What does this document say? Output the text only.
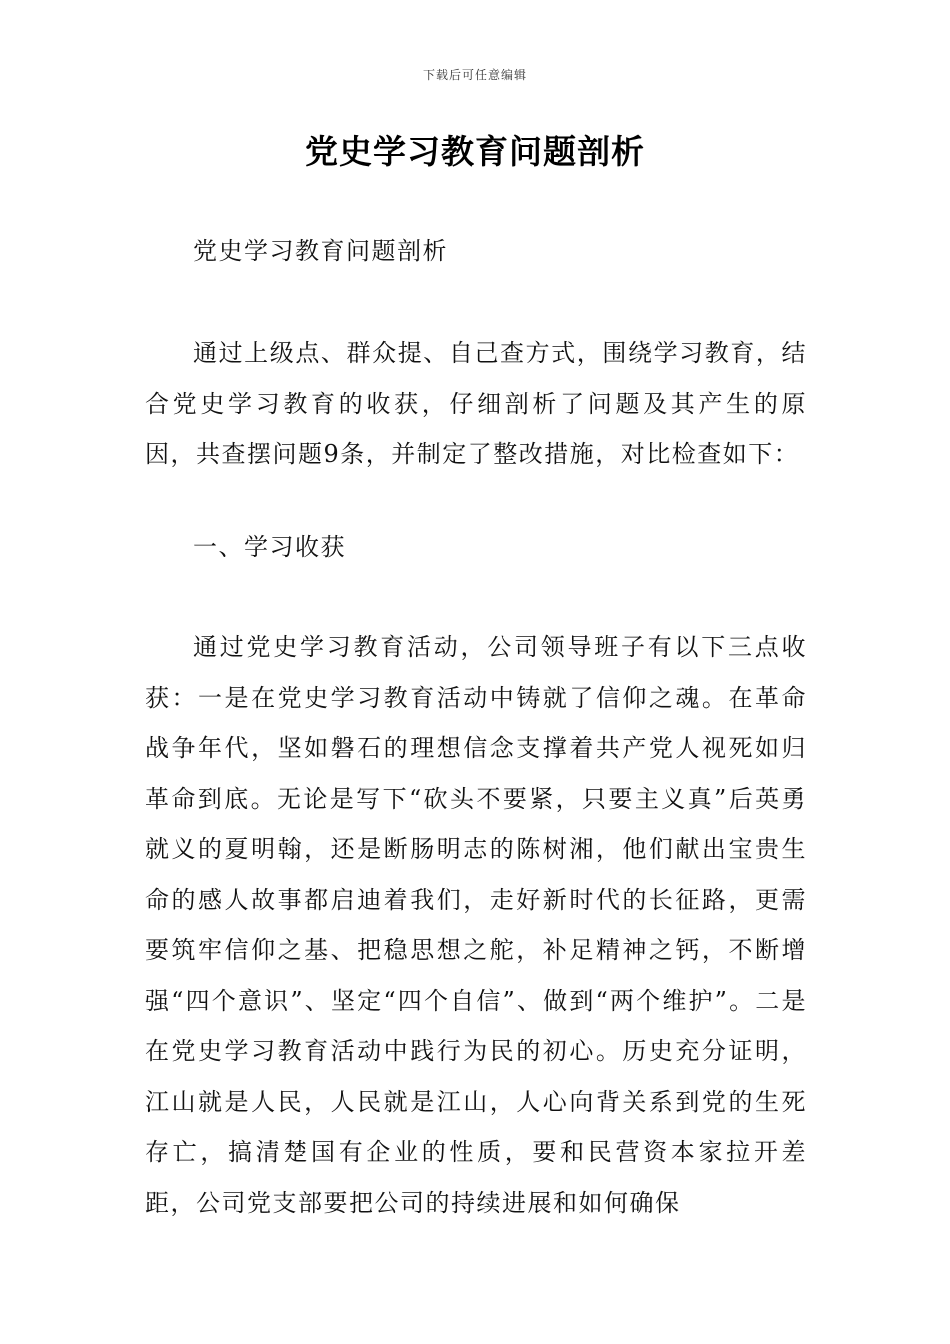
下载后可任意编辑
党史学习教育问题剖析

党史学习教育问题剖析

通过上级点、群众提、自己查方式，围绕学习教育，结合党史学习教育的收获，仔细剖析了问题及其产生的原因，共查摆问题9条，并制定了整改措施，对比检查如下：

一、学习收获

通过党史学习教育活动，公司领导班子有以下三点收获：一是在党史学习教育活动中铸就了信仰之魂。在革命战争年代，坚如磐石的理想信念支撑着共产党人视死如归革命到底。无论是写下“砍头不要紧，只要主义真”后英勇就义的夏明翰，还是断肠明志的陈树湘，他们献出宝贵生命的感人故事都启迪着我们，走好新时代的长征路，更需要筑牢信仰之基、把稳思想之舵，补足精神之钙，不断增强“四个意识”、坚定“四个自信”、做到“两个维护”。二是在党史学习教育活动中践行为民的初心。历史充分证明，江山就是人民，人民就是江山，人心向背关系到党的生死存亡，搞清楚国有企业的性质，要和民营资本家拉开差距，公司党支部要把公司的持续进展和如何确保
